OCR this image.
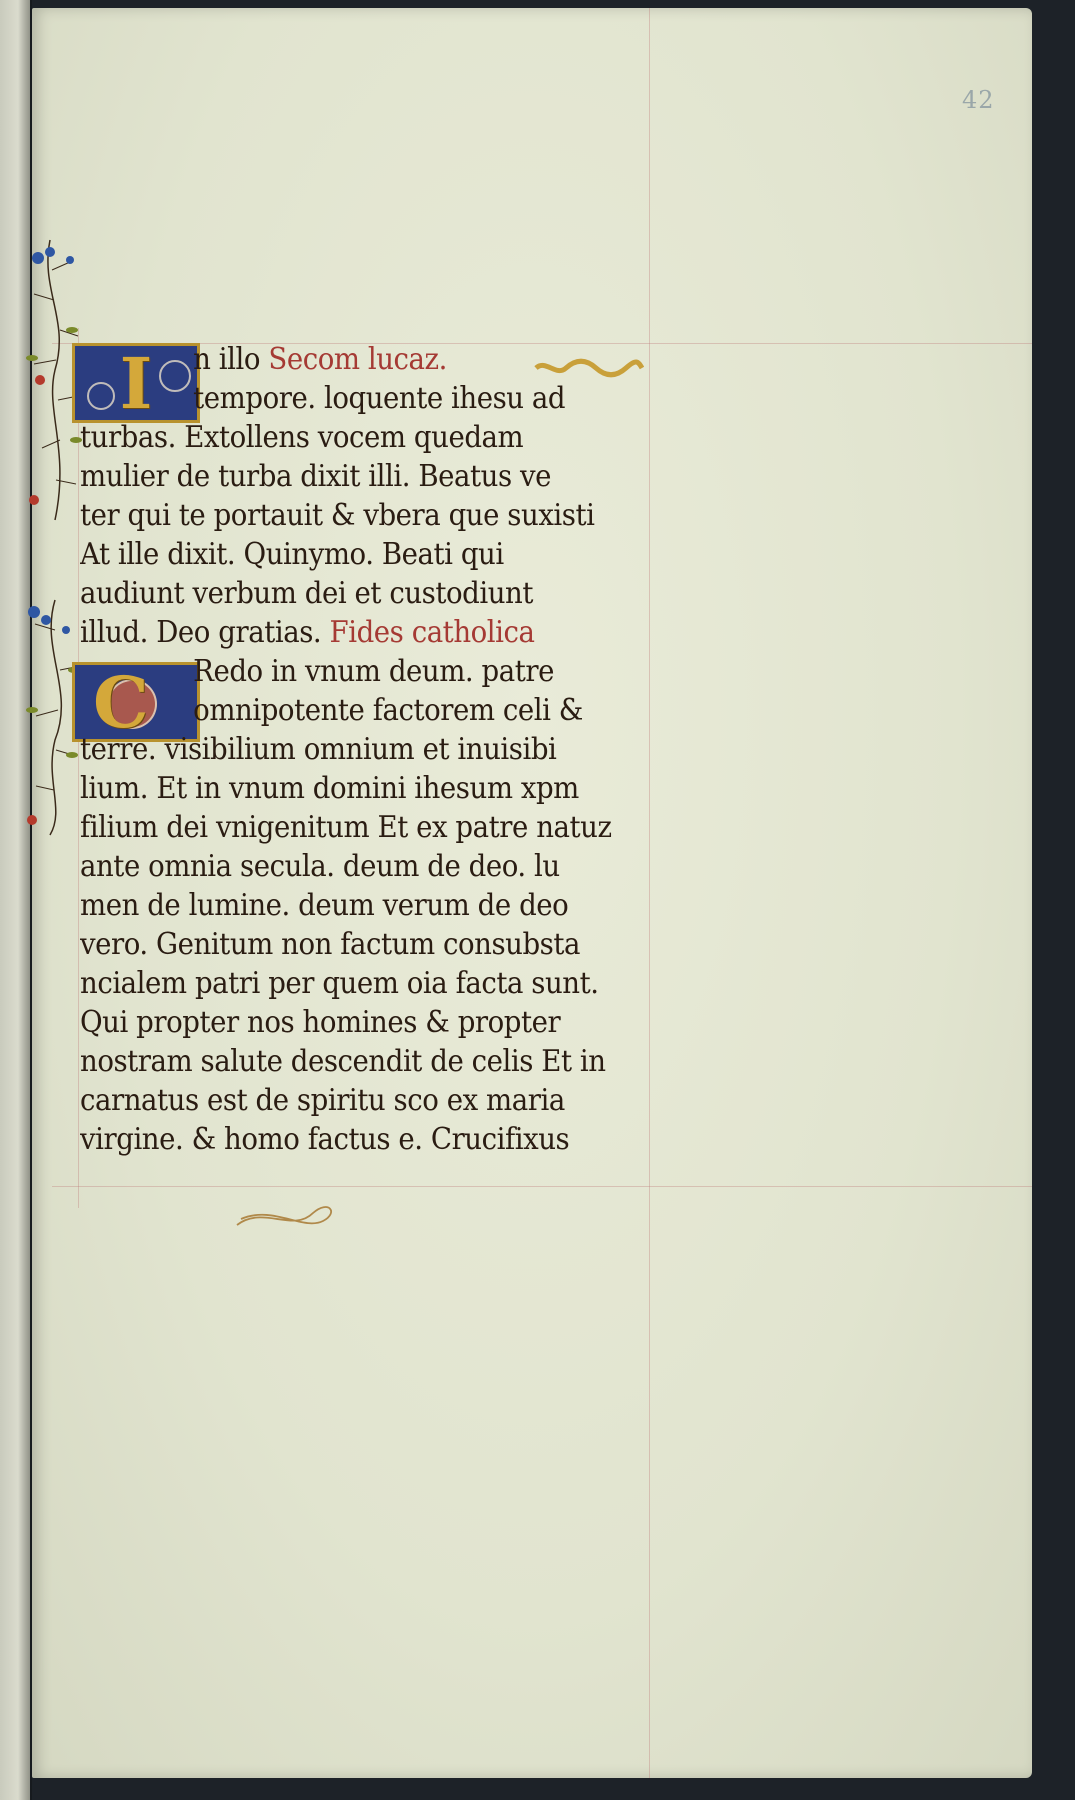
42
I
C
n illo Secom lucaz.
tempore. loquente ihesu ad
turbas. Extollens vocem quedam
mulier de turba dixit illi. Beatus ve
ter qui te portauit & vbera que suxisti
At ille dixit. Quinymo. Beati qui
audiunt verbum dei et custodiunt
illud. Deo gratias. Fides catholica
Redo in vnum deum. patre
omnipotente factorem celi &
terre. visibilium omnium et inuisibi
lium. Et in vnum domini ihesum xpm
filium dei vnigenitum Et ex patre natuz
ante omnia secula. deum de deo. lu
men de lumine. deum verum de deo
vero. Genitum non factum consubsta
ncialem patri per quem oia facta sunt.
Qui propter nos homines & propter
nostram salute descendit de celis Et in
carnatus est de spiritu sco ex maria
virgine. & homo factus e. Crucifixus
